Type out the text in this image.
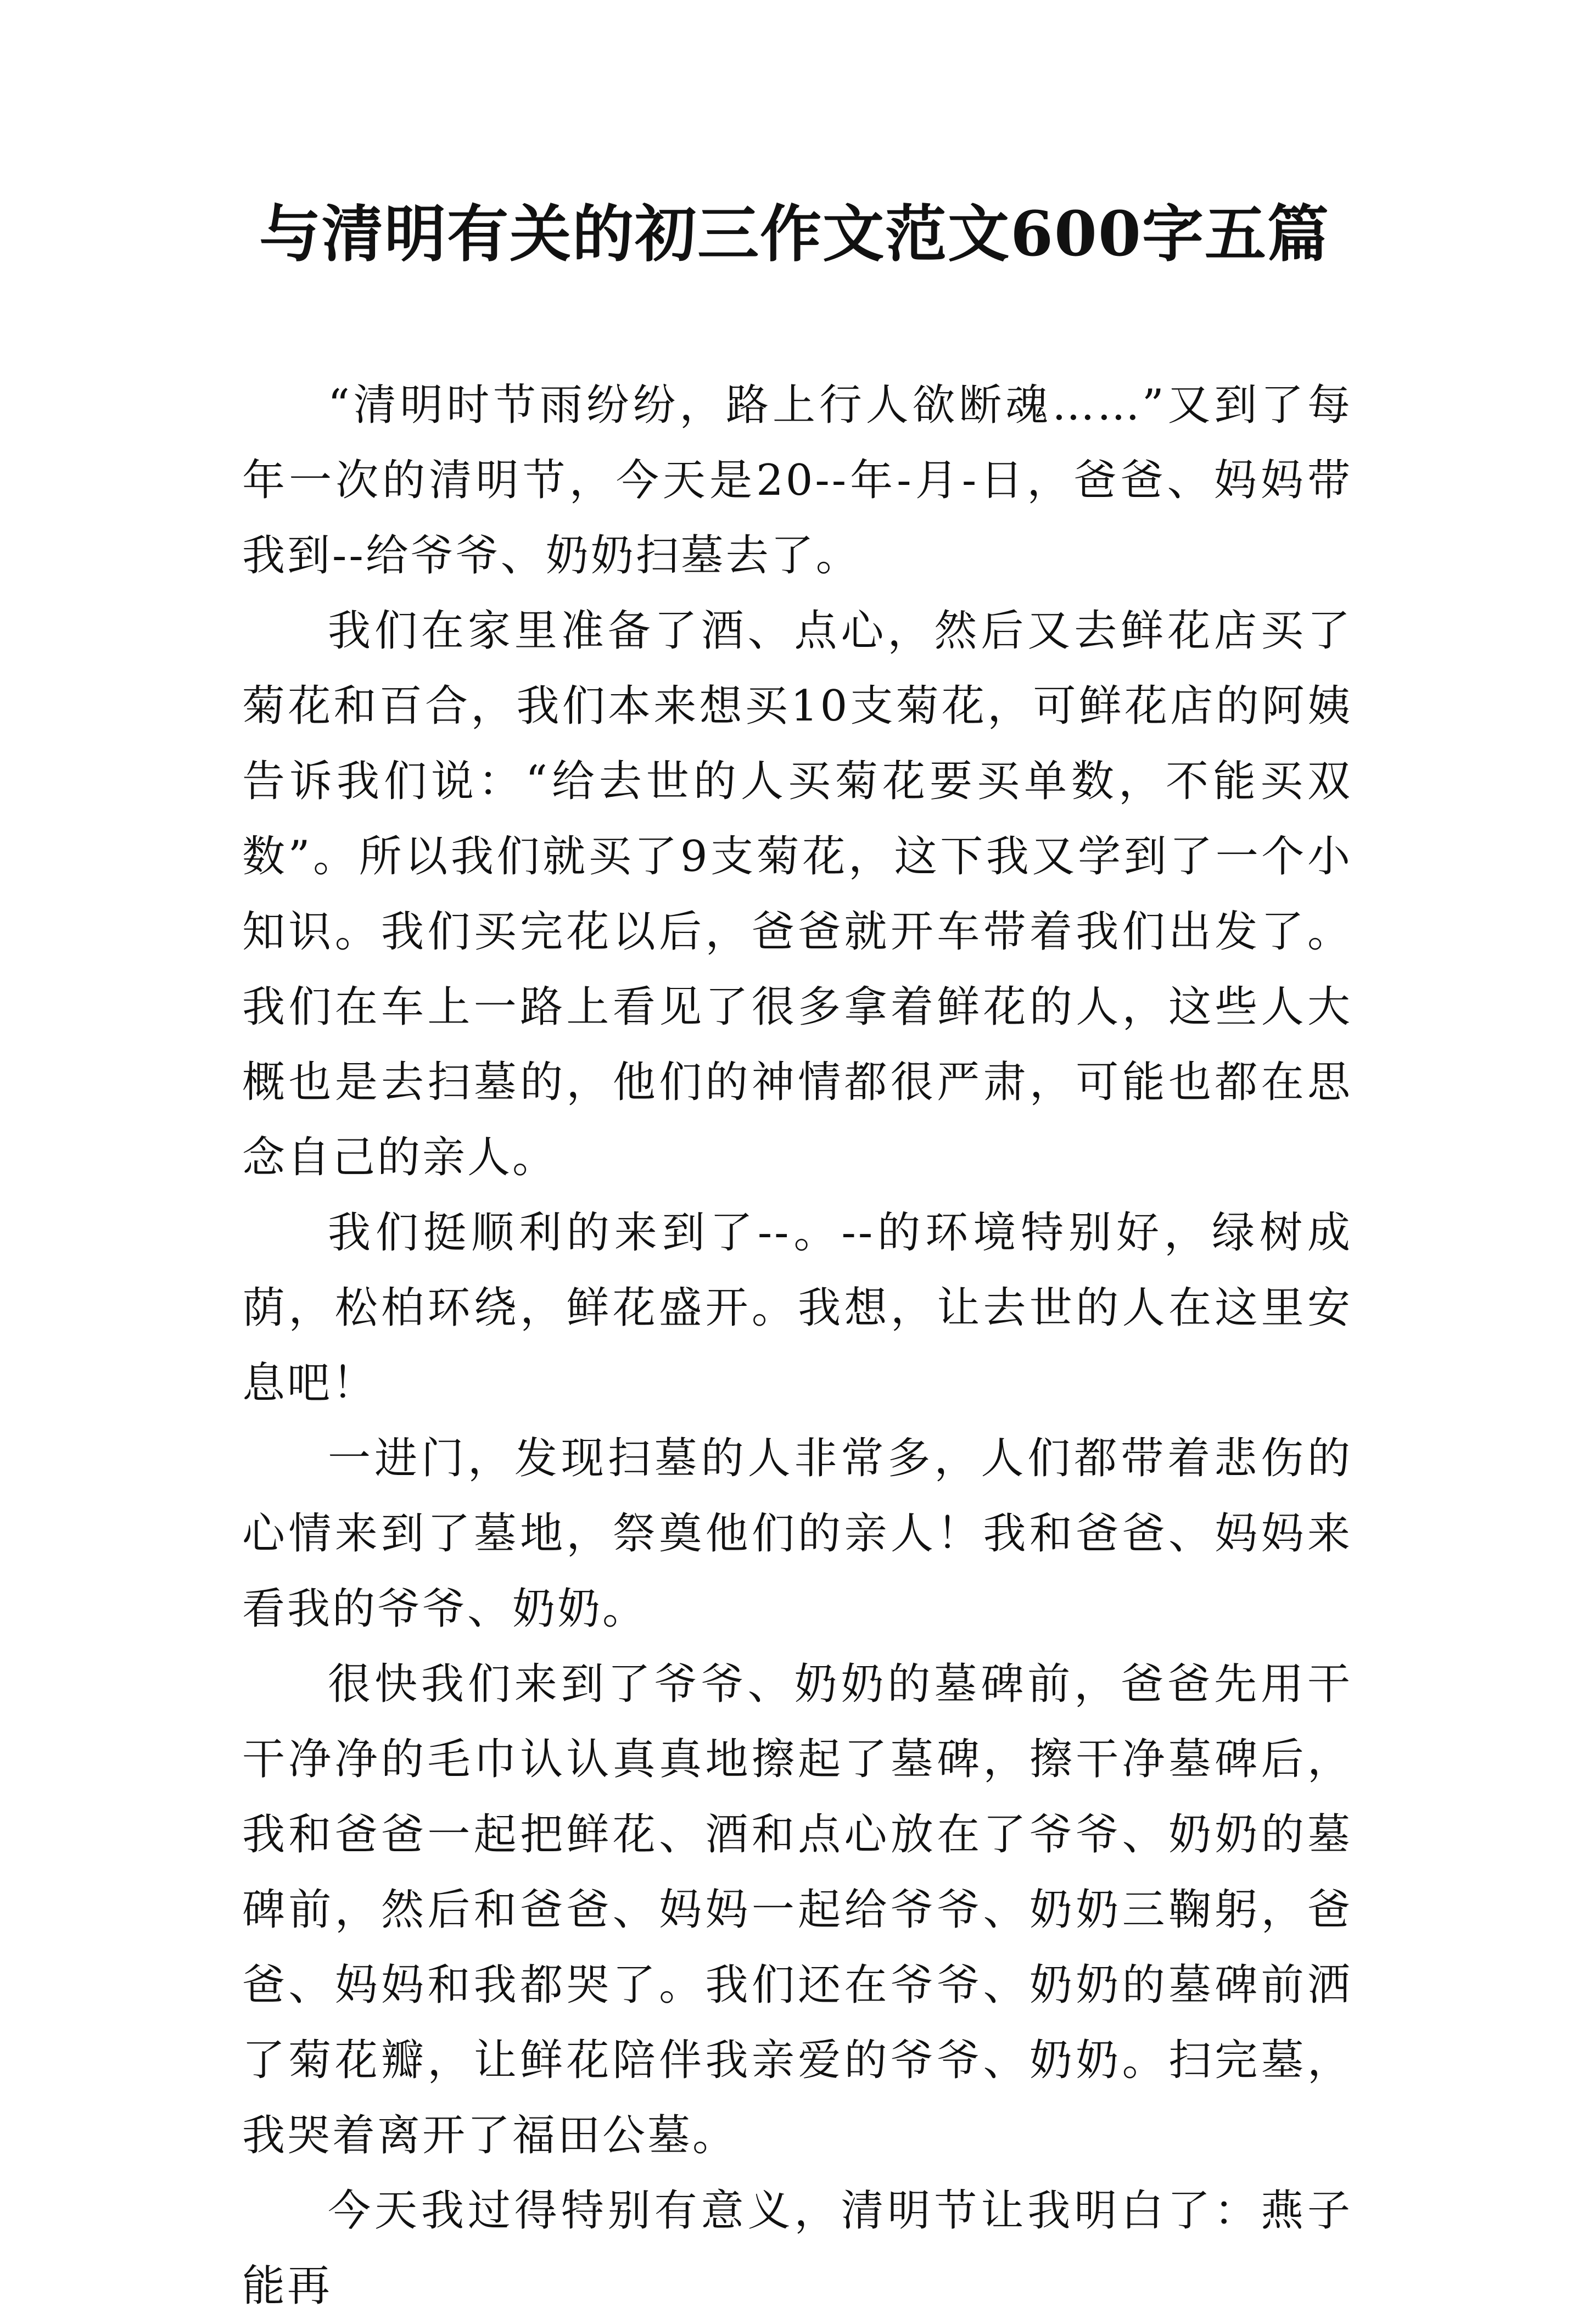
与清明有关的初三作文范文600字五篇

“清明时节雨纷纷，路上行人欲断魂……”又到了每年一次的清明节，今天是20--年-月-日，爸爸、妈妈带我到--给爷爷、奶奶扫墓去了。

我们在家里准备了酒、点心，然后又去鲜花店买了菊花和百合，我们本来想买10支菊花，可鲜花店的阿姨告诉我们说：“给去世的人买菊花要买单数，不能买双数”。所以我们就买了9支菊花，这下我又学到了一个小知识。我们买完花以后，爸爸就开车带着我们出发了。我们在车上一路上看见了很多拿着鲜花的人，这些人大概也是去扫墓的，他们的神情都很严肃，可能也都在思念自己的亲人。

我们挺顺利的来到了--。--的环境特别好，绿树成荫，松柏环绕，鲜花盛开。我想，让去世的人在这里安息吧！

一进门，发现扫墓的人非常多，人们都带着悲伤的心情来到了墓地，祭奠他们的亲人！我和爸爸、妈妈来看我的爷爷、奶奶。

很快我们来到了爷爷、奶奶的墓碑前，爸爸先用干干净净的毛巾认认真真地擦起了墓碑，擦干净墓碑后，我和爸爸一起把鲜花、酒和点心放在了爷爷、奶奶的墓碑前，然后和爸爸、妈妈一起给爷爷、奶奶三鞠躬，爸爸、妈妈和我都哭了。我们还在爷爷、奶奶的墓碑前洒了菊花瓣，让鲜花陪伴我亲爱的爷爷、奶奶。扫完墓，我哭着离开了福田公墓。

今天我过得特别有意义，清明节让我明白了：燕子能再
